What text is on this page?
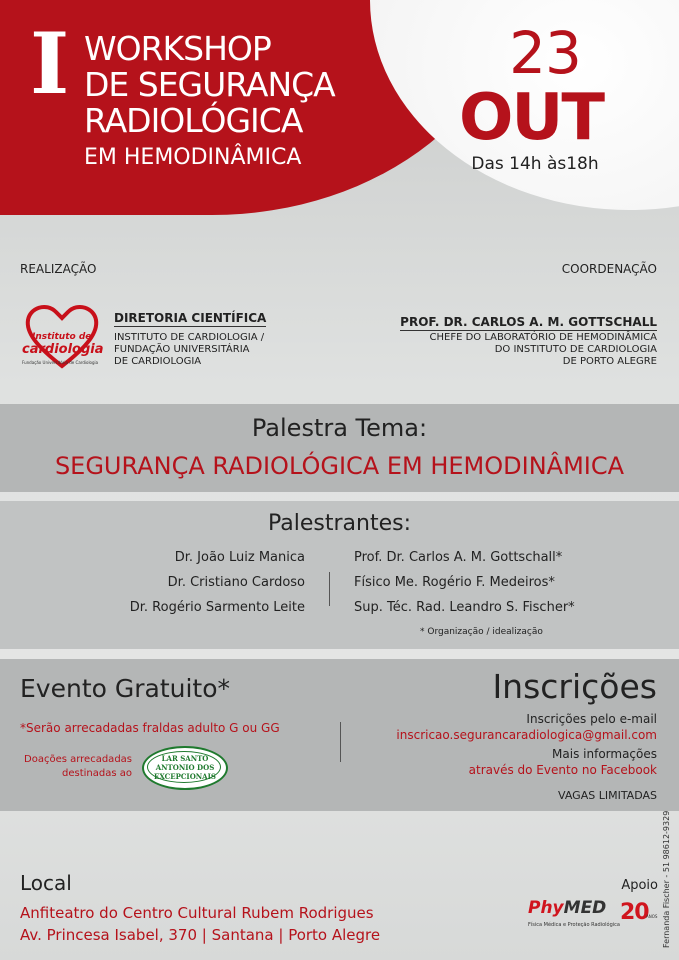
I WORKSHOP
DE SEGURANÇA
RADIOLÓGICA
EM HEMODINÂMICA
23
OUT
Das 14h às18h
REALIZAÇÃO	COORDENAÇÃO
Instituto de
cardiologia
Fundação Universitária de Cardiologia
DIRETORIA CIENTÍFICA
INSTITUTO DE CARDIOLOGIA /
FUNDAÇÃO UNIVERSITÁRIA
DE CARDIOLOGIA
PROF. DR. CARLOS A. M. GOTTSCHALL
CHEFE DO LABORATÓRIO DE HEMODINÂMICA
DO INSTITUTO DE CARDIOLOGIA
DE PORTO ALEGRE
Palestra Tema:
SEGURANÇA RADIOLÓGICA EM HEMODINÂMICA
Palestrantes:
Dr. João Luiz Manica
Dr. Cristiano Cardoso
Dr. Rogério Sarmento Leite
Prof. Dr. Carlos A. M. Gottschall*
Físico Me. Rogério F. Medeiros*
Sup. Téc. Rad. Leandro S. Fischer*
* Organização / idealização
Evento Gratuito*
*Serão arrecadadas fraldas adulto G ou GG
Doações arrecadadas
destinadas ao
LAR SANTO
ANTONIO DOS
EXCEPCIONAIS
Inscrições
Inscrições pelo e-mail
inscricao.segurancaradiologica@gmail.com
Mais informações
através do Evento no Facebook
VAGAS LIMITADAS
Local
Anfiteatro do Centro Cultural Rubem Rodrigues
Av. Princesa Isabel, 370 | Santana | Porto Alegre
Apoio
PhyMED
Física Médica e Proteção Radiológica 20
ANOS Fernanda Fischer - 51 98612-9329
